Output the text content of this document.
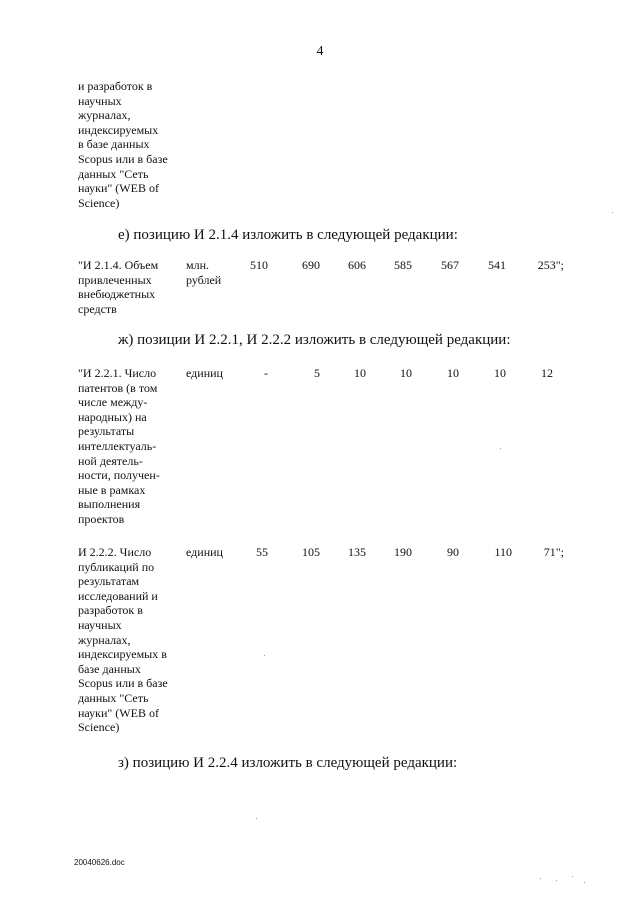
4
и разработок в
научных
журналах,
индексируемых
в базе данных
Scopus или в базе
данных "Сеть
науки" (WEB of
Science)
е) позицию И 2.1.4 изложить в следующей редакции:
"И 2.1.4. Объем
привлеченных
внебюджетных
средств
млн.
рублей
510	690	606	585	567	541	253";
ж) позиции И 2.2.1, И 2.2.2 изложить в следующей редакции:
"И 2.2.1. Число
патентов (в том
числе между-
народных) на
результаты
интеллектуаль-
ной деятель-
ности, получен-
ные в рамках
выполнения
проектов
единиц	-	5	10	10	10	10	12
И 2.2.2. Число
публикаций по
результатам
исследований и
разработок в
научных
журналах,
индексируемых в
базе данных
Scopus или в базе
данных "Сеть
науки" (WEB of
Science)
единиц	55	105	135	190	90	110	71";
з) позицию И 2.2.4 изложить в следующей редакции:
20040626.doc
